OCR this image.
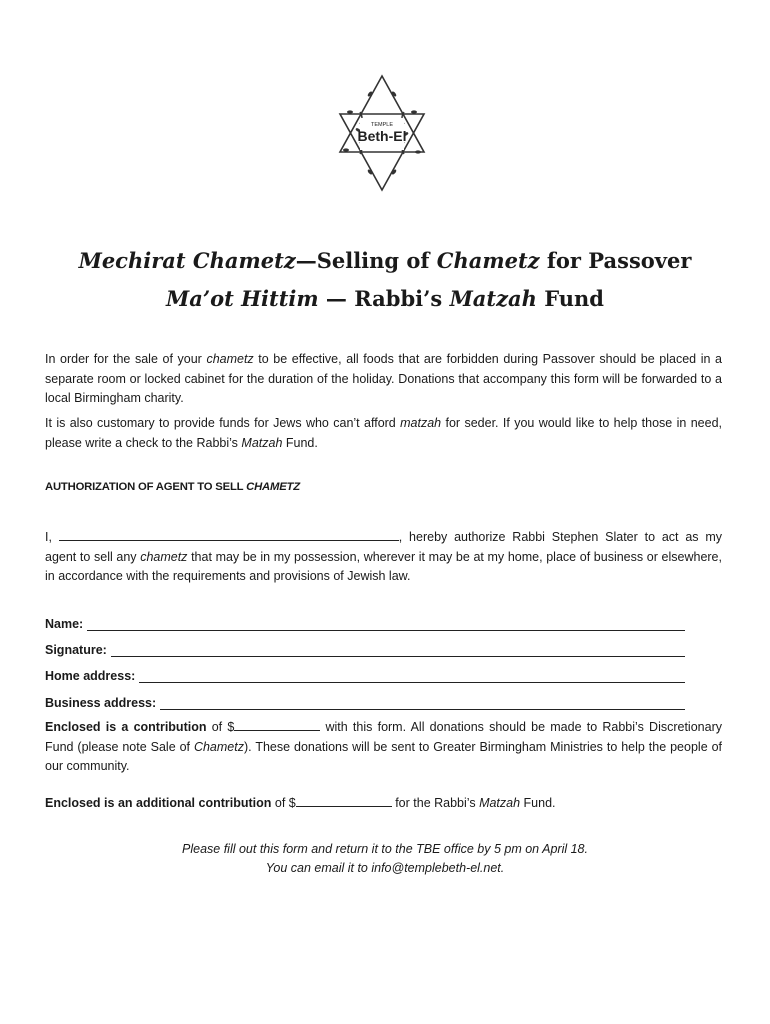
TEMPLE
Beth-El
Mechirat Chametz—Selling of Chametz for Passover
Ma’ot Hittim — Rabbi’s Matzah Fund

In order for the sale of your chametz to be effective, all foods that are forbidden during Passover should be placed in a separate room or locked cabinet for the duration of the holiday. Donations that accompany this form will be forwarded to a local Birmingham charity.

It is also customary to provide funds for Jews who can’t afford matzah for seder. If you would like to help those in need, please write a check to the Rabbi’s Matzah Fund.

AUTHORIZATION OF AGENT TO SELL CHAMETZ

I,	, hereby authorize Rabbi Stephen Slater to act as my agent to sell any chametz that may be in my possession, wherever it may be at my home, place of business or elsewhere, in accordance with the requirements and provisions of Jewish law.

Name:
Signature:
Home address:
Business address:

Enclosed is a contribution of $	with this form. All donations should be made to Rabbi’s Discretionary Fund (please note Sale of Chametz). These donations will be sent to Greater Birmingham Ministries to help the people of our community.

Enclosed is an additional contribution of $	for the Rabbi’s Matzah Fund.

Please fill out this form and return it to the TBE office by 5 pm on April 18.
You can email it to info@templebeth-el.net.
